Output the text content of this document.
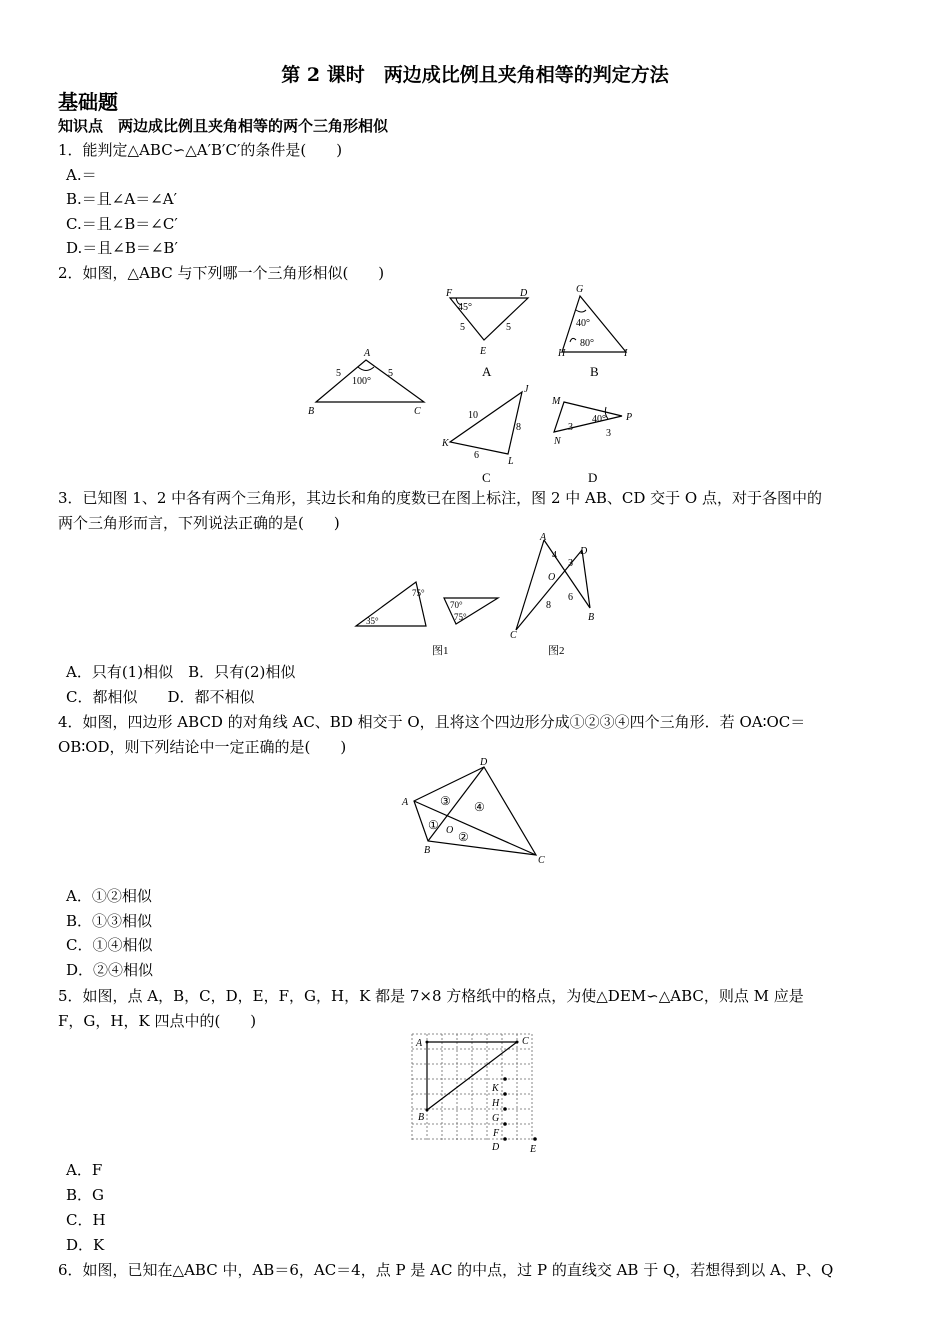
第 2 课时　两边成比例且夹角相等的判定方法
基础题
知识点　两边成比例且夹角相等的两个三角形相似
1．能判定△ABC∽△A′B′C′的条件是(　　)
A.＝
B.＝且∠A＝∠A′
C.＝且∠B＝∠C′
D.＝且∠B＝∠B′
2．如图，△ABC 与下列哪一个三角形相似(　　)
A
B	C
5	5
100°
F	D
E
45°
5	5
A
G
H	I
40°
80°
B
J
K
L
10
8
6
C
M
P
N
40°
3
3
D
3．已知图 1、2 中各有两个三角形，其边长和角的度数已在图上标注，图 2 中 AB、CD 交于 O 点，对于各图中的
两个三角形而言，下列说法正确的是(　　)
75°
35°
70°
75°
A
D
O
C
B
4
3
6
8
图1	图2
A．只有(1)相似　B．只有(2)相似
C．都相似　　D．都不相似
4．如图，四边形 ABCD 的对角线 AC、BD 相交于 O，且将这个四边形分成①②③④四个三角形．若 OA∶OC＝
OB∶OD，则下列结论中一定正确的是(　　)
A
B
C
D
O
①
②
③ ④
A．①②相似
B．①③相似
C．①④相似
D．②④相似
5．如图，点 A，B，C，D，E，F，G，H，K 都是 7×8 方格纸中的格点，为使△DEM∽△ABC，则点 M 应是
F，G，H，K 四点中的(　　)
A	C
B
K
H
G
F
D	E
A．F
B．G
C．H
D．K
6．如图，已知在△ABC 中，AB＝6，AC＝4，点 P 是 AC 的中点，过 P 的直线交 AB 于 Q，若想得到以 A、P、Q
